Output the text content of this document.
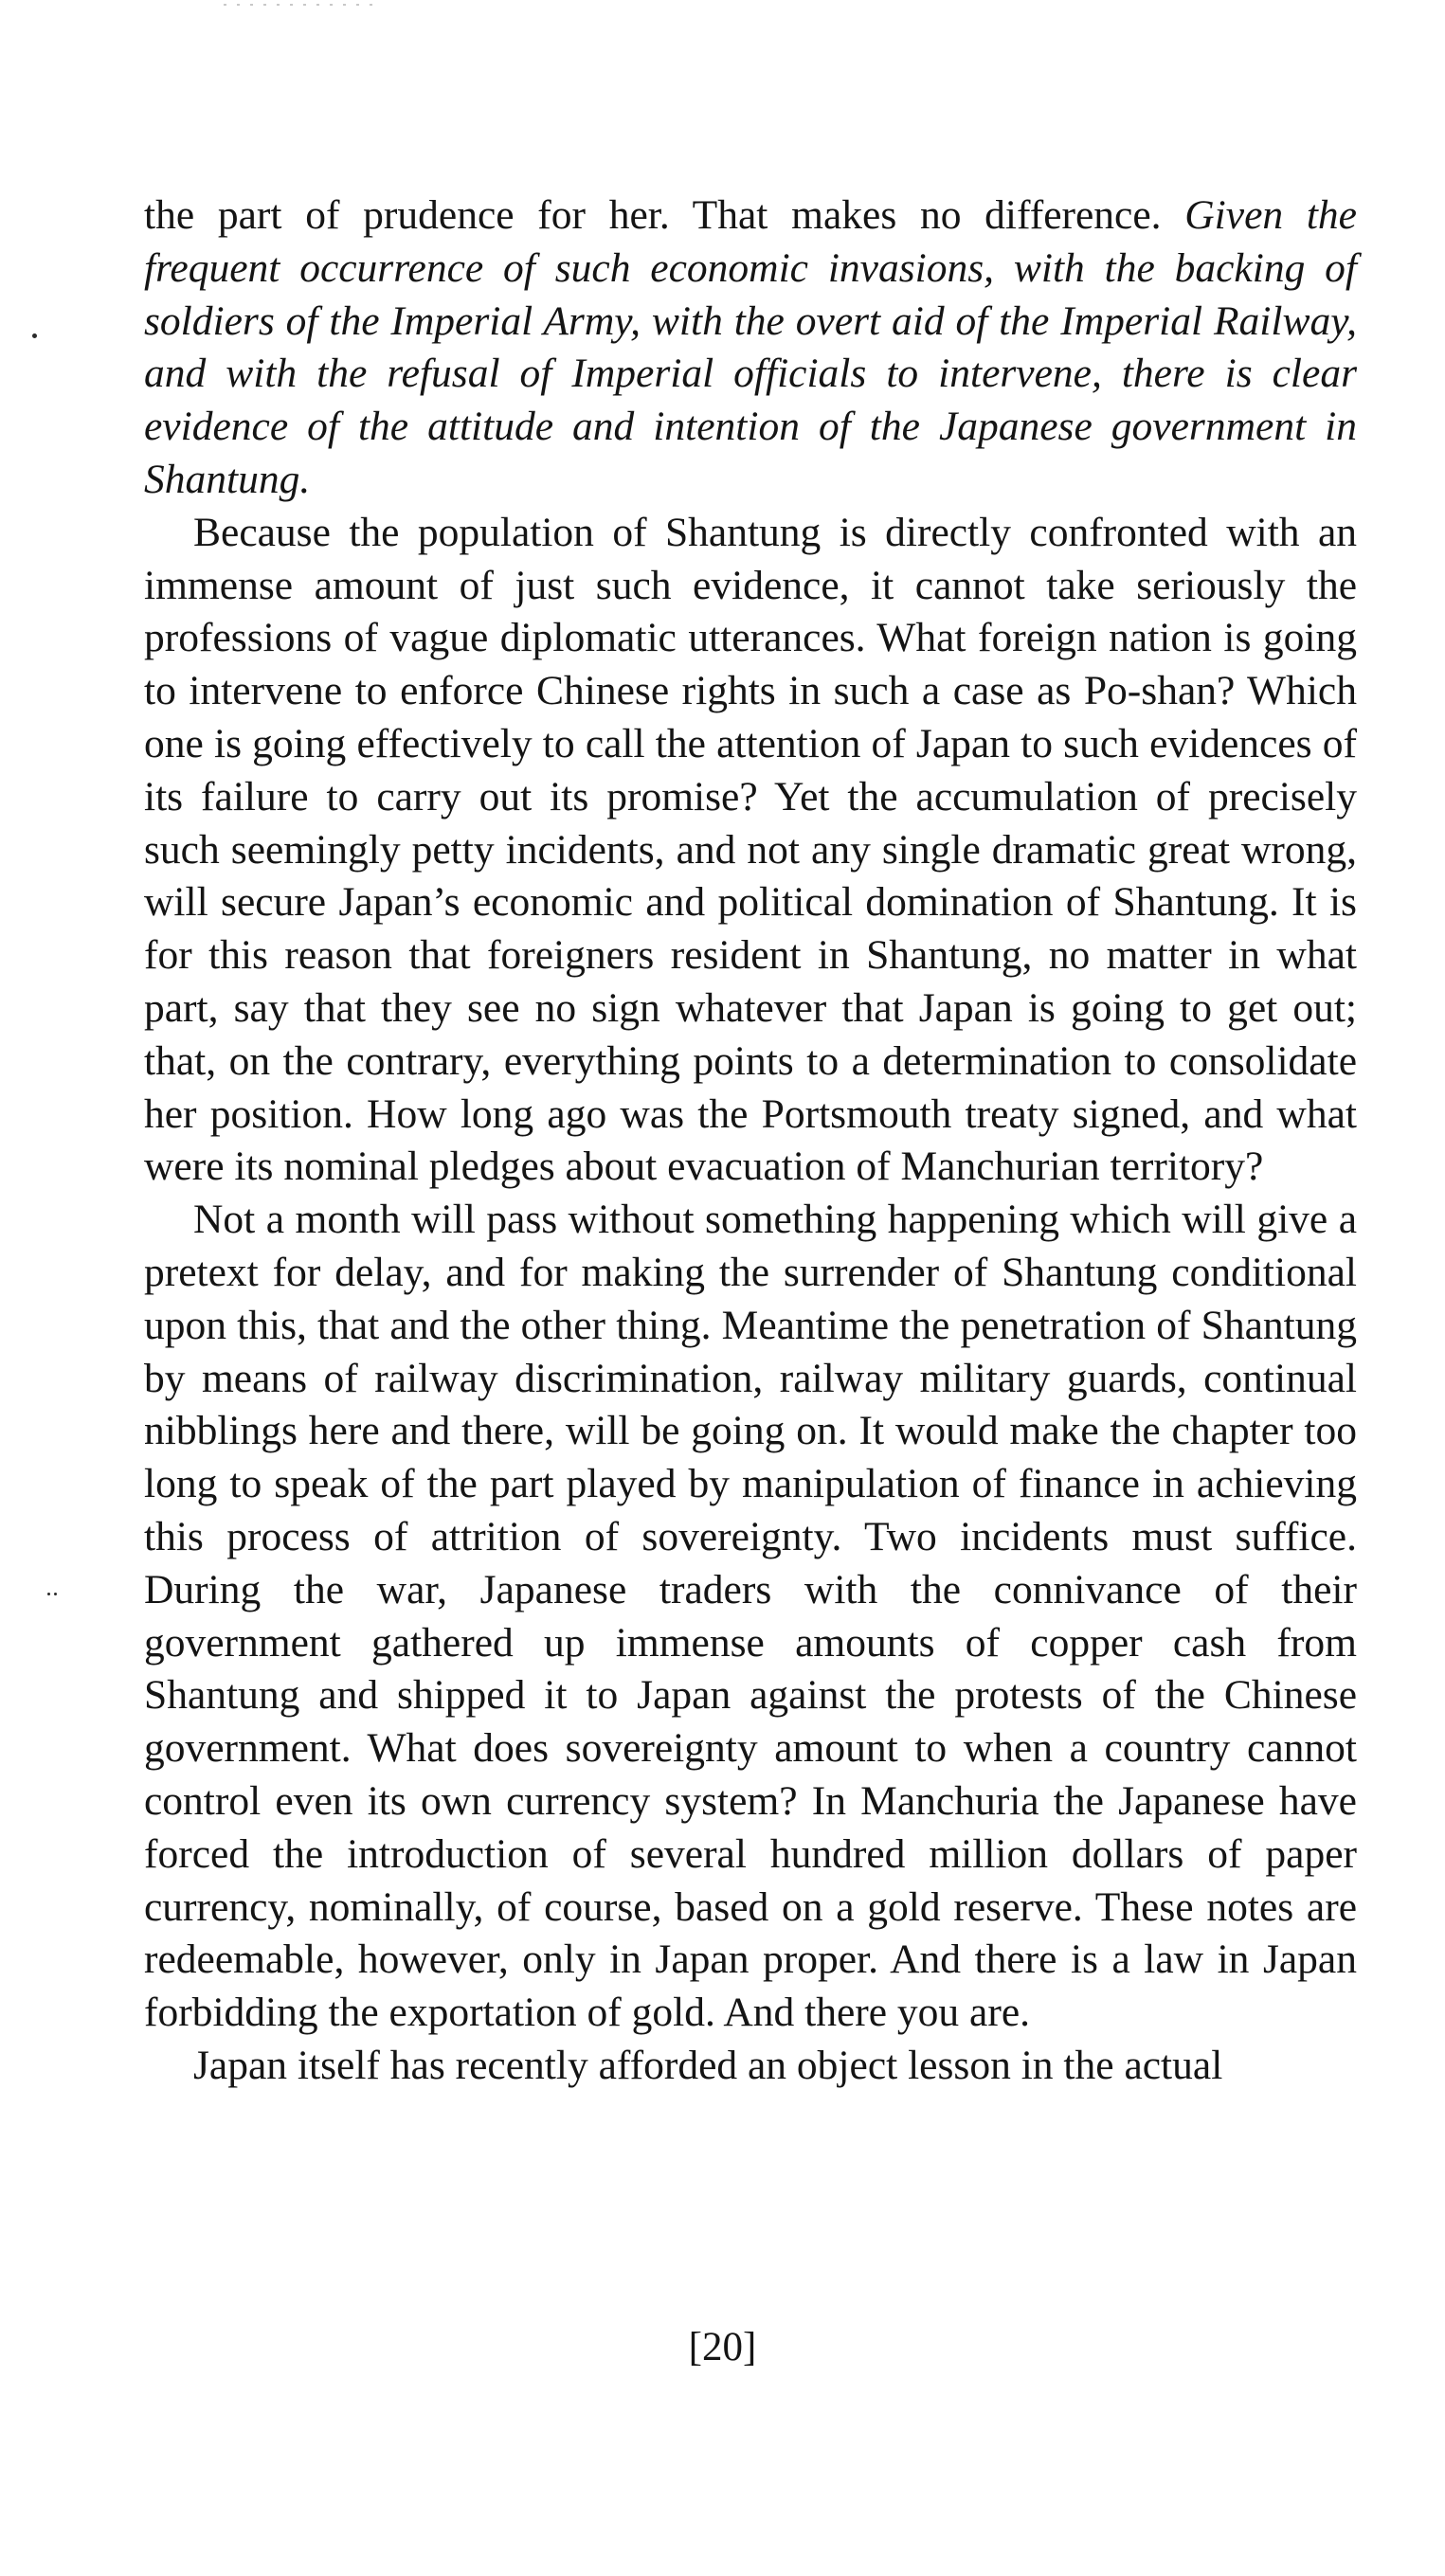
the part of prudence for her. That makes no difference. Given the frequent occurrence of such economic invasions, with the backing of soldiers of the Imperial Army, with the overt aid of the Imperial Railway, and with the refusal of Imperial officials to intervene, there is clear evidence of the attitude and intention of the Japanese government in Shantung.

Because the population of Shantung is directly confronted with an immense amount of just such evidence, it cannot take seriously the professions of vague diplomatic utterances. What foreign nation is going to intervene to enforce Chinese rights in such a case as Po-shan? Which one is going effectively to call the attention of Japan to such evidences of its failure to carry out its promise? Yet the accumulation of precisely such seemingly petty incidents, and not any single dramatic great wrong, will secure Japan’s economic and political domination of Shantung. It is for this reason that foreigners resident in Shantung, no matter in what part, say that they see no sign whatever that Japan is going to get out; that, on the contrary, everything points to a determination to consolidate her position. How long ago was the Portsmouth treaty signed, and what were its nominal pledges about evacuation of Manchurian territory?

Not a month will pass without something happening which will give a pretext for delay, and for making the surrender of Shantung conditional upon this, that and the other thing. Meantime the penetration of Shantung by means of railway discrimination, railway military guards, continual nibblings here and there, will be going on. It would make the chapter too long to speak of the part played by manipulation of finance in achieving this process of attrition of sovereignty. Two incidents must suffice. During the war, Japanese traders with the connivance of their government gathered up immense amounts of copper cash from Shantung and shipped it to Japan against the protests of the Chinese government. What does sovereignty amount to when a country cannot control even its own currency system? In Manchuria the Japanese have forced the introduction of several hundred million dollars of paper currency, nominally, of course, based on a gold reserve. These notes are redeemable, however, only in Japan proper. And there is a law in Japan forbidding the exportation of gold. And there you are.

Japan itself has recently afforded an object lesson in the actual

[20]
